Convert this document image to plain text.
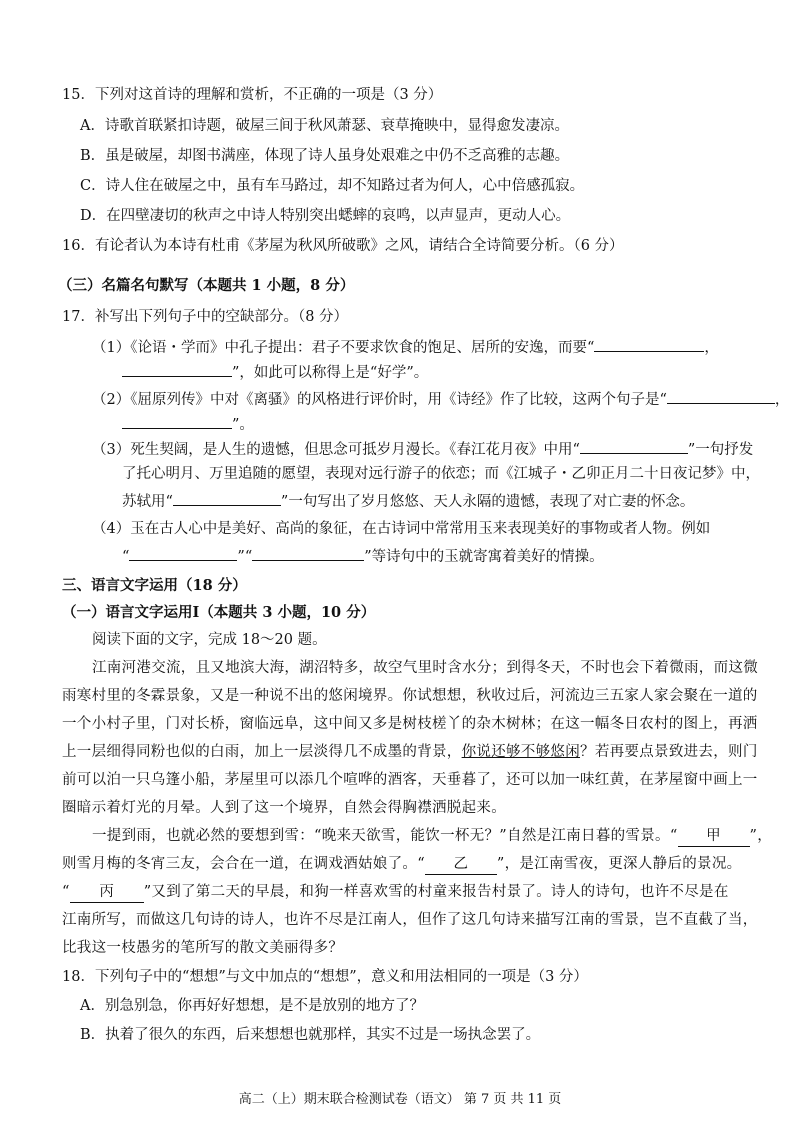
15．下列对这首诗的理解和赏析，不正确的一项是（3 分）
A．诗歌首联紧扣诗题，破屋三间于秋风萧瑟、衰草掩映中，显得愈发凄凉。
B．虽是破屋，却图书满座，体现了诗人虽身处艰难之中仍不乏高雅的志趣。
C．诗人住在破屋之中，虽有车马路过，却不知路过者为何人，心中倍感孤寂。
D．在四壁凄切的秋声之中诗人特别突出蟋蟀的哀鸣，以声显声，更动人心。
16．有论者认为本诗有杜甫《茅屋为秋风所破歌》之风，请结合全诗简要分析。（6 分）
（三）名篇名句默写（本题共 1 小题，8 分）
17．补写出下列句子中的空缺部分。（8 分）
（1）《论语・学而》中孔子提出：君子不要求饮食的饱足、居所的安逸，而要“	，
”，如此可以称得上是“好学”。
（2）《屈原列传》中对《离骚》的风格进行评价时，用《诗经》作了比较，这两个句子是“	，
”。
（3）死生契阔，是人生的遗憾，但思念可抵岁月漫长。《春江花月夜》中用“	”一句抒发
了托心明月、万里追随的愿望，表现对远行游子的依恋；而《江城子・乙卯正月二十日夜记梦》中，
苏轼用“	”一句写出了岁月悠悠、天人永隔的遗憾，表现了对亡妻的怀念。
（4）玉在古人心中是美好、高尚的象征，在古诗词中常常用玉来表现美好的事物或者人物。例如
“	”“	”等诗句中的玉就寄寓着美好的情操。
三、语言文字运用（18 分）
（一）语言文字运用Ⅰ（本题共 3 小题，10 分）
阅读下面的文字，完成 18～20 题。
江南河港交流，且又地滨大海，湖沼特多，故空气里时含水分；到得冬天，不时也会下着微雨，而这微
雨寒村里的冬霖景象，又是一种说不出的悠闲境界。你试想想，秋收过后，河流边三五家人家会聚在一道的
一个小村子里，门对长桥，窗临远阜，这中间又多是树枝槎丫的杂木树林；在这一幅冬日农村的图上，再洒
上一层细得同粉也似的白雨，加上一层淡得几不成墨的背景，你说还够不够悠闲？若再要点景致进去，则门
前可以泊一只乌篷小船，茅屋里可以添几个喧哗的酒客，天垂暮了，还可以加一味红黄，在茅屋窗中画上一
圈暗示着灯光的月晕。人到了这一个境界，自然会得胸襟洒脱起来。
一提到雨，也就必然的要想到雪：“晚来天欲雪，能饮一杯无？”自然是江南日暮的雪景。“ 甲 ”，
则雪月梅的冬宵三友，会合在一道，在调戏酒姑娘了。“ 乙 ”，是江南雪夜，更深人静后的景况。
“ 丙 ”又到了第二天的早晨，和狗一样喜欢雪的村童来报告村景了。诗人的诗句，也许不尽是在
江南所写，而做这几句诗的诗人，也许不尽是江南人，但作了这几句诗来描写江南的雪景，岂不直截了当，
比我这一枝愚劣的笔所写的散文美丽得多？
18．下列句子中的“想想”与文中加点的“想想”，意义和用法相同的一项是（3 分）
A．别急别急，你再好好想想，是不是放别的地方了？
B．执着了很久的东西，后来想想也就那样，其实不过是一场执念罢了。
高二（上）期末联合检测试卷（语文） 第 7 页 共 11 页
